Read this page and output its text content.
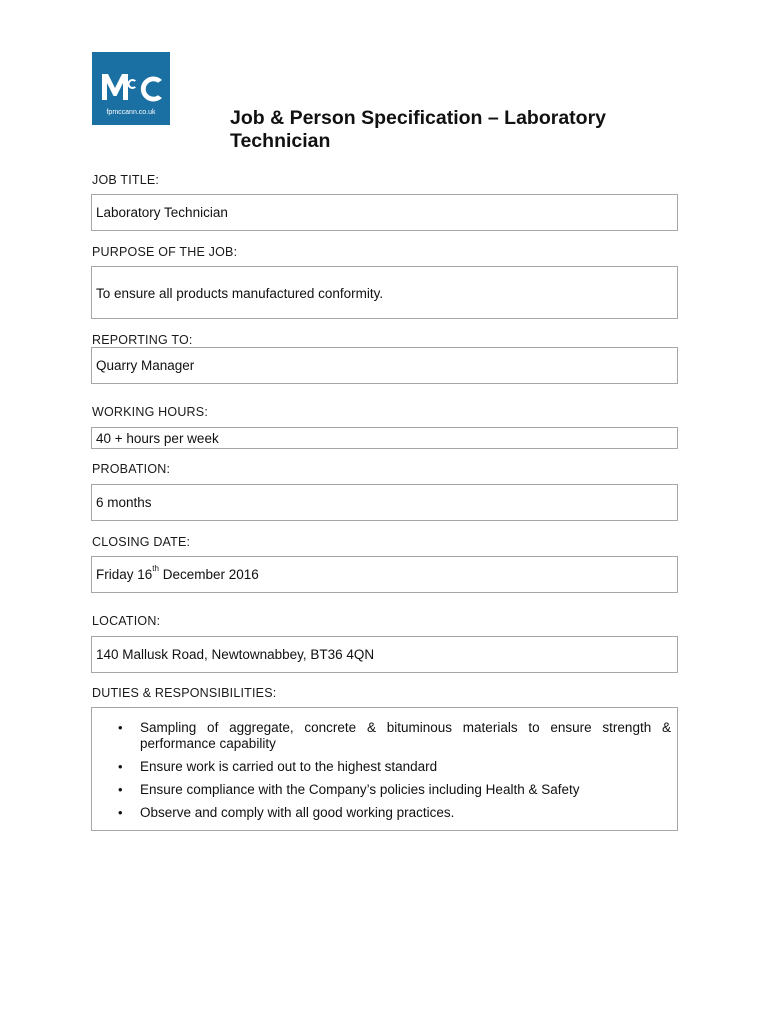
fpmccann.co.uk	Job & Person Specification – Laboratory Technician
JOB TITLE:
Laboratory Technician
PURPOSE OF THE JOB:
To ensure all products manufactured conformity.
REPORTING TO:
Quarry Manager
WORKING HOURS:
40 + hours per week
PROBATION:
6 months
CLOSING DATE:
Friday 16th December 2016
LOCATION:
140 Mallusk Road, Newtownabbey, BT36 4QN
DUTIES & RESPONSIBILITIES:
• Sampling of aggregate, concrete & bituminous materials to ensure strength & performance capability
• Ensure work is carried out to the highest standard
• Ensure compliance with the Company’s policies including Health & Safety
• Observe and comply with all good working practices.
